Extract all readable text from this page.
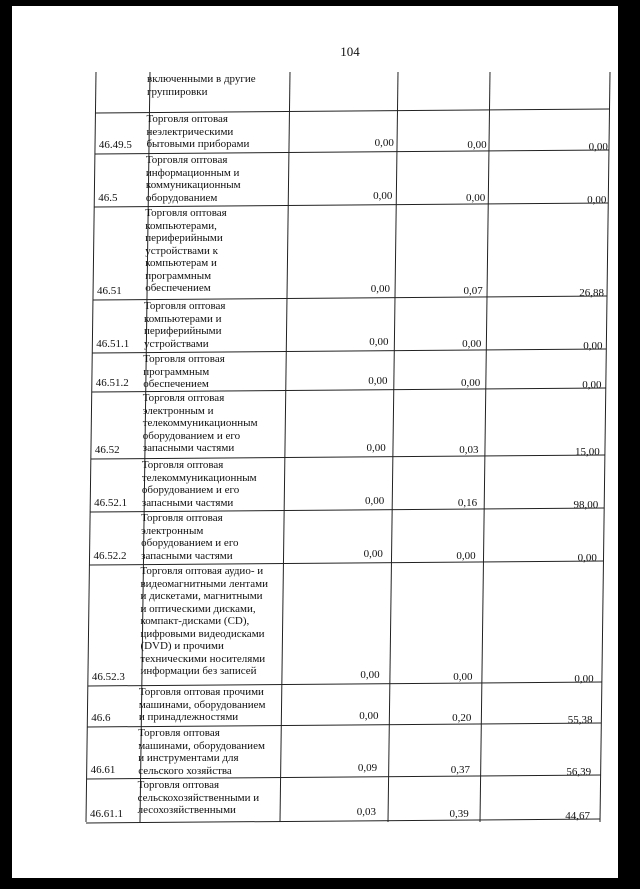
104
включенными в другие
группировки
46.49.5
Торговля оптовая
неэлектрическими
бытовыми приборами	0,00	0,00	0,00
46.5
Торговля оптовая
информационным и
коммуникационным
оборудованием	0,00	0,00	0,00
46.51
Торговля оптовая
компьютерами,
периферийными
устройствами к
компьютерам и
программным
обеспечением	0,00	0,07	26,88
46.51.1
Торговля оптовая
компьютерами и
периферийными
устройствами	0,00	0,00	0,00
46.51.2
Торговля оптовая
программным
обеспечением	0,00	0,00	0,00
46.52
Торговля оптовая
электронным и
телекоммуникационным
оборудованием и его
запасными частями	0,00	0,03	15,00
46.52.1
Торговля оптовая
телекоммуникационным
оборудованием и его
запасными частями	0,00	0,16	98,00
46.52.2
Торговля оптовая
электронным
оборудованием и его
запасными частями	0,00	0,00	0,00
46.52.3
Торговля оптовая аудио- и
видеомагнитными лентами
и дискетами, магнитными
и оптическими дисками,
компакт-дисками (CD),
цифровыми видеодисками
(DVD) и прочими
техническими носителями
информации без записей	0,00	0,00	0,00
46.6
Торговля оптовая прочими
машинами, оборудованием
и принадлежностями	0,00	0,20	55,38
46.61
Торговля оптовая
машинами, оборудованием
и инструментами для
сельского хозяйства	0,09	0,37	56,39
46.61.1
Торговля оптовая
сельскохозяйственными и
лесохозяйственными	0,03	0,39	44,67
